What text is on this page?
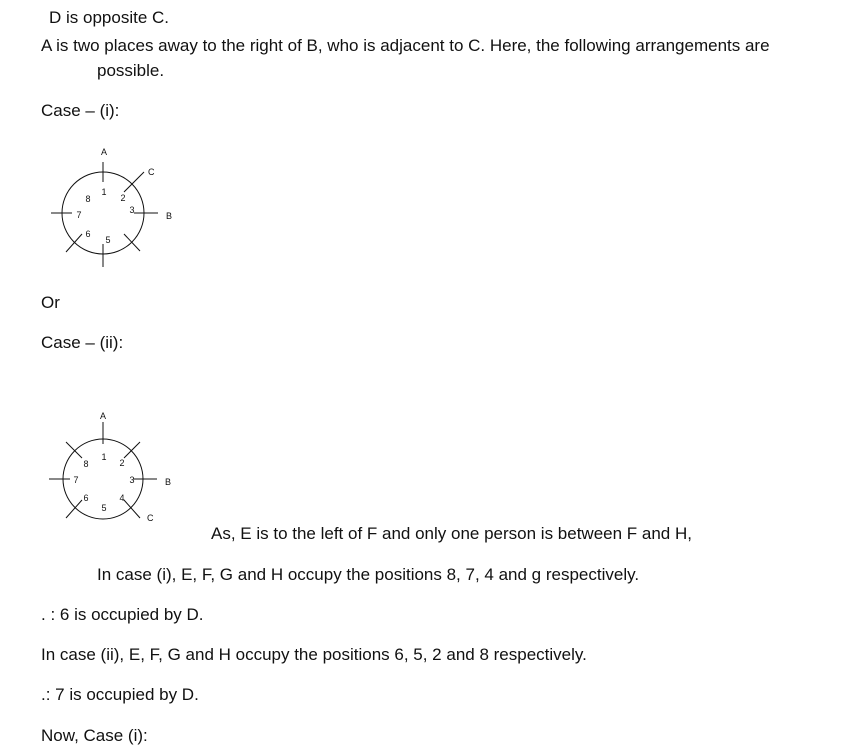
D is opposite C.
A is two places away to the right of B, who is adjacent to C. Here, the following arrangements are
possible.
Case – (i):
A
C
B
1
2
3
5
6
7
8
Or
Case – (ii):
A
B
C
1
2
3
4
5
6
7
8
As, E is to the left of F and only one person is between F and H,
In case (i), E, F, G and H occupy the positions 8, 7, 4 and g respectively.
. : 6 is occupied by D.
In case (ii), E, F, G and H occupy the positions 6, 5, 2 and 8 respectively.
.: 7 is occupied by D.
Now, Case (i):
